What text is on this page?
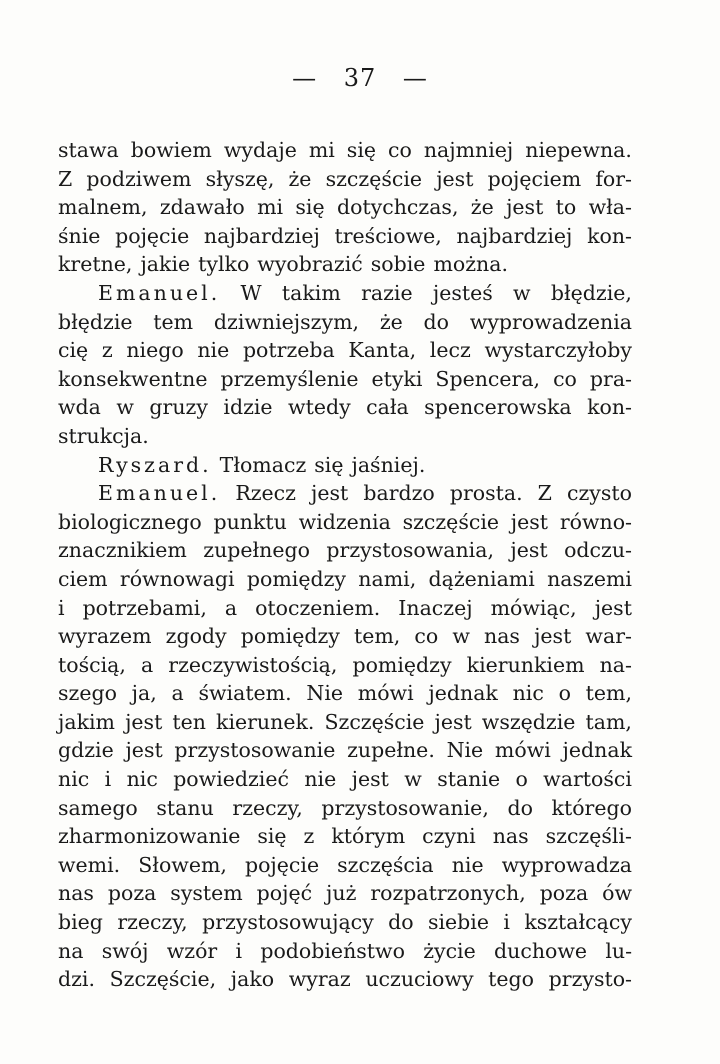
— 37 —
stawa bowiem wydaje mi się co najmniej niepewna.
Z podziwem słyszę, że szczęście jest pojęciem for-
malnem, zdawało mi się dotychczas, że jest to wła-
śnie pojęcie najbardziej treściowe, najbardziej kon-
kretne, jakie tylko wyobrazić sobie można.
Emanuel. W takim razie jesteś w błędzie,
błędzie tem dziwniejszym, że do wyprowadzenia
cię z niego nie potrzeba Kanta, lecz wystarczyłoby
konsekwentne przemyślenie etyki Spencera, co pra-
wda w gruzy idzie wtedy cała spencerowska kon-
strukcja.
Ryszard. Tłomacz się jaśniej.
Emanuel. Rzecz jest bardzo prosta. Z czysto
biologicznego punktu widzenia szczęście jest równo-
znacznikiem zupełnego przystosowania, jest odczu-
ciem równowagi pomiędzy nami, dążeniami naszemi
i potrzebami, a otoczeniem. Inaczej mówiąc, jest
wyrazem zgody pomiędzy tem, co w nas jest war-
tością, a rzeczywistością, pomiędzy kierunkiem na-
szego ja, a światem. Nie mówi jednak nic o tem,
jakim jest ten kierunek. Szczęście jest wszędzie tam,
gdzie jest przystosowanie zupełne. Nie mówi jednak
nic i nic powiedzieć nie jest w stanie o wartości
samego stanu rzeczy, przystosowanie, do którego
zharmonizowanie się z którym czyni nas szczęśli-
wemi. Słowem, pojęcie szczęścia nie wyprowadza
nas poza system pojęć już rozpatrzonych, poza ów
bieg rzeczy, przystosowujący do siebie i kształcący
na swój wzór i podobieństwo życie duchowe lu-
dzi. Szczęście, jako wyraz uczuciowy tego przysto-
